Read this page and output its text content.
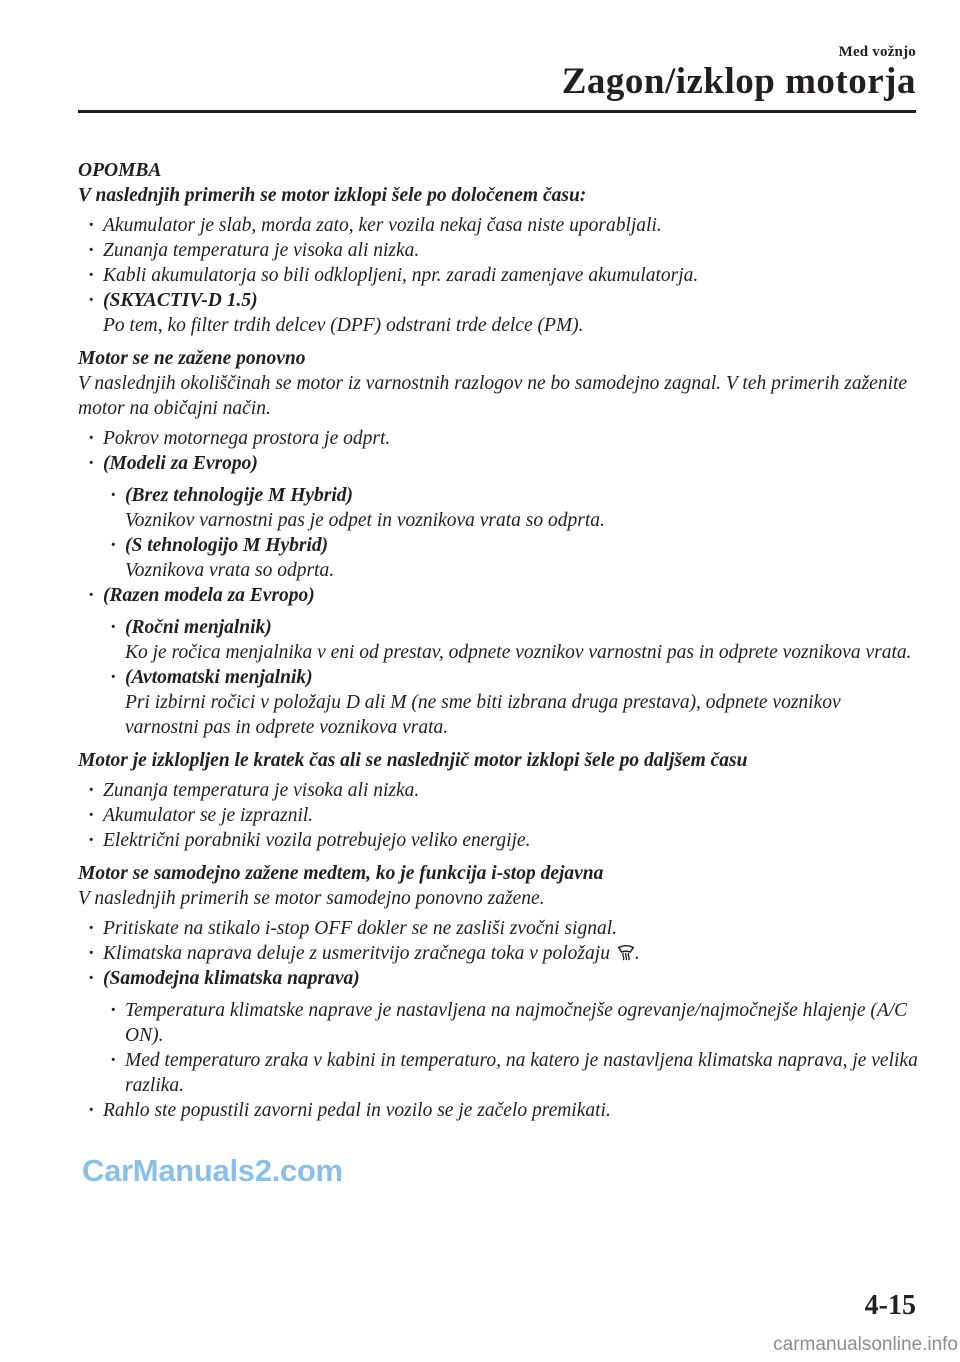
Med vožnjo
Zagon/izklop motorja
OPOMBA
V naslednjih primerih se motor izklopi šele po določenem času:
· Akumulator je slab, morda zato, ker vozila nekaj časa niste uporabljali.
· Zunanja temperatura je visoka ali nizka.
· Kabli akumulatorja so bili odklopljeni, npr. zaradi zamenjave akumulatorja.
· (SKYACTIV-D 1.5)
Po tem, ko filter trdih delcev (DPF) odstrani trde delce (PM).
Motor se ne zažene ponovno
V naslednjih okoliščinah se motor iz varnostnih razlogov ne bo samodejno zagnal. V teh primerih zaženite motor na običajni način.
· Pokrov motornega prostora je odprt.
· (Modeli za Evropo)
· (Brez tehnologije M Hybrid)
Voznikov varnostni pas je odpet in voznikova vrata so odprta.
· (S tehnologijo M Hybrid)
Voznikova vrata so odprta.
· (Razen modela za Evropo)
· (Ročni menjalnik)
Ko je ročica menjalnika v eni od prestav, odpnete voznikov varnostni pas in odprete voznikova vrata.
· (Avtomatski menjalnik)
Pri izbirni ročici v položaju D ali M (ne sme biti izbrana druga prestava), odpnete voznikov varnostni pas in odprete voznikova vrata.
Motor je izklopljen le kratek čas ali se naslednjič motor izklopi šele po daljšem času
· Zunanja temperatura je visoka ali nizka.
· Akumulator se je izpraznil.
· Električni porabniki vozila potrebujejo veliko energije.
Motor se samodejno zažene medtem, ko je funkcija i-stop dejavna
V naslednjih primerih se motor samodejno ponovno zažene.
· Pritiskate na stikalo i-stop OFF dokler se ne zasliši zvočni signal.
· Klimatska naprava deluje z usmeritvijo zračnega toka v položaju .
· (Samodejna klimatska naprava)
· Temperatura klimatske naprave je nastavljena na najmočnejše ogrevanje/najmočnejše hlajenje (A/C ON).
· Med temperaturo zraka v kabini in temperaturo, na katero je nastavljena klimatska naprava, je velika razlika.
· Rahlo ste popustili zavorni pedal in vozilo se je začelo premikati.
CarManuals2.com
4-15
carmanualsonline.info
